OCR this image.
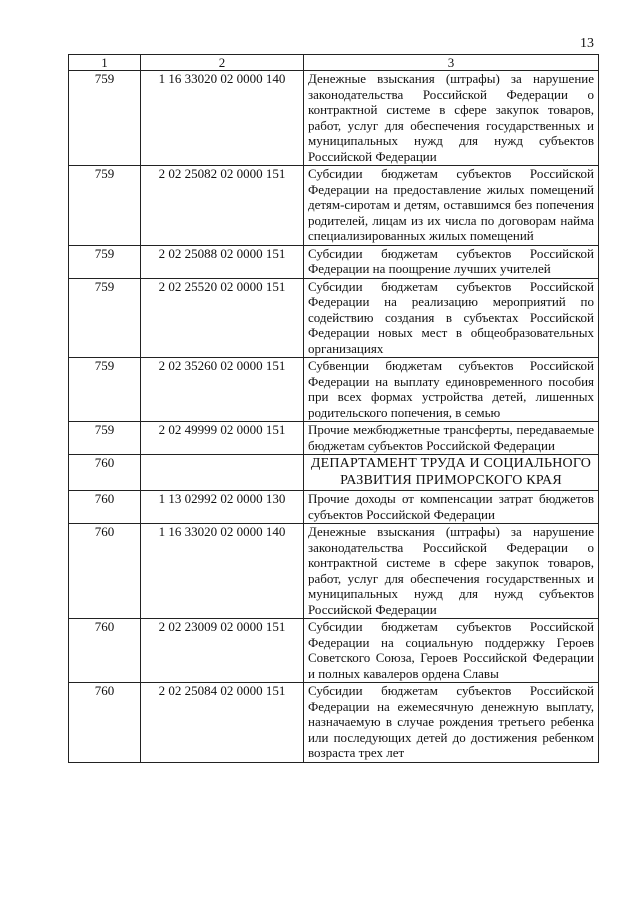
13
1	2	3
759	1 16 33020 02 0000 140	Денежные взыскания (штрафы) за нарушение законодательства Российской Федерации о контрактной системе в сфере закупок товаров, работ, услуг для обеспечения государственных и муниципальных нужд для нужд субъектов Российской Федерации
759	2 02 25082 02 0000 151	Субсидии бюджетам субъектов Российской Федерации на предоставление жилых помещений детям-сиротам и детям, оставшимся без попечения родителей, лицам из их числа по договорам найма специализированных жилых помещений
759	2 02 25088 02 0000 151	Субсидии бюджетам субъектов Российской Федерации на поощрение лучших учителей
759	2 02 25520 02 0000 151	Субсидии бюджетам субъектов Российской Федерации на реализацию мероприятий по содействию создания в субъектах Российской Федерации новых мест в общеобразовательных организациях
759	2 02 35260 02 0000 151	Субвенции бюджетам субъектов Российской Федерации на выплату единовременного пособия при всех формах устройства детей, лишенных родительского попечения, в семью
759	2 02 49999 02 0000 151	Прочие межбюджетные трансферты, передаваемые бюджетам субъектов Российской Федерации
760		ДЕПАРТАМЕНТ ТРУДА И СОЦИАЛЬНОГО РАЗВИТИЯ ПРИМОРСКОГО КРАЯ
760	1 13 02992 02 0000 130	Прочие доходы от компенсации затрат бюджетов субъектов Российской Федерации
760	1 16 33020 02 0000 140	Денежные взыскания (штрафы) за нарушение законодательства Российской Федерации о контрактной системе в сфере закупок товаров, работ, услуг для обеспечения государственных и муниципальных нужд для нужд субъектов Российской Федерации
760	2 02 23009 02 0000 151	Субсидии бюджетам субъектов Российской Федерации на социальную поддержку Героев Советского Союза, Героев Российской Федерации и полных кавалеров ордена Славы
760	2 02 25084 02 0000 151	Субсидии бюджетам субъектов Российской Федерации на ежемесячную денежную выплату, назначаемую в случае рождения третьего ребенка или последующих детей до достижения ребенком возраста трех лет
